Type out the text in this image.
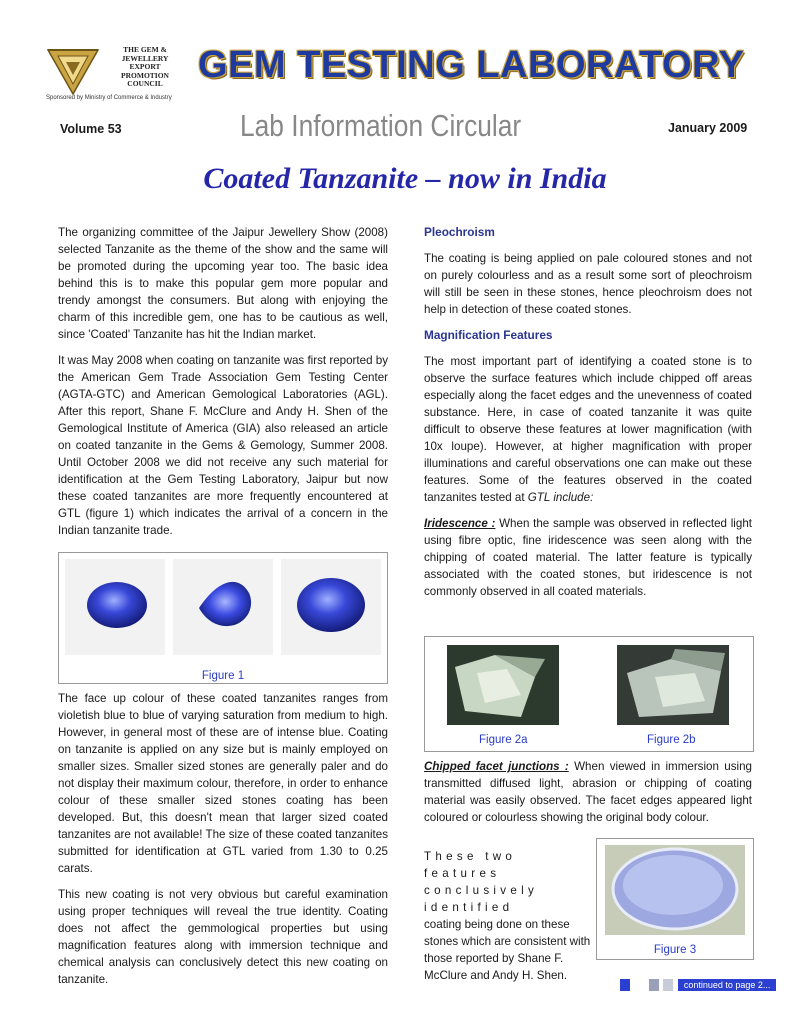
THE GEM &
JEWELLERY
EXPORT
PROMOTION
COUNCIL
Sponsored by Ministry of Commerce & Industry
GEM TESTING LABORATORY
Volume 53	Lab Information Circular	January 2009
Coated Tanzanite – now in India

The organizing committee of the Jaipur Jewellery Show (2008) selected Tanzanite as the theme of the show and the same will be promoted during the upcoming year too. The basic idea behind this is to make this popular gem more popular and trendy amongst the consumers. But along with enjoying the charm of this incredible gem, one has to be cautious as well, since 'Coated' Tanzanite has hit the Indian market.

It was May 2008 when coating on tanzanite was first reported by the American Gem Trade Association Gem Testing Center (AGTA-GTC) and American Gemological Laboratories (AGL). After this report, Shane F. McClure and Andy H. Shen of the Gemological Institute of America (GIA) also released an article on coated tanzanite in the Gems & Gemology, Summer 2008. Until October 2008 we did not receive any such material for identification at the Gem Testing Laboratory, Jaipur but now these coated tanzanites are more frequently encountered at GTL (figure 1) which indicates the arrival of a concern in the Indian tanzanite trade.

Figure 1

The face up colour of these coated tanzanites ranges from violetish blue to blue of varying saturation from medium to high. However, in general most of these are of intense blue. Coating on tanzanite is applied on any size but is mainly employed on smaller sizes. Smaller sized stones are generally paler and do not display their maximum colour, therefore, in order to enhance colour of these smaller sized stones coating has been developed. But, this doesn't mean that larger sized coated tanzanites are not available! The size of these coated tanzanites submitted for identification at GTL varied from 1.30 to 0.25 carats.

This new coating is not very obvious but careful examination using proper techniques will reveal the true identity. Coating does not affect the gemmological properties but using magnification features along with immersion technique and chemical analysis can conclusively detect this new coating on tanzanite.

Pleochroism

The coating is being applied on pale coloured stones and not on purely colourless and as a result some sort of pleochroism will still be seen in these stones, hence pleochroism does not help in detection of these coated stones.

Magnification Features

The most important part of identifying a coated stone is to observe the surface features which include chipped off areas especially along the facet edges and the unevenness of coated substance. Here, in case of coated tanzanite it was quite difficult to observe these features at lower magnification (with 10x loupe). However, at higher magnification with proper illuminations and careful observations one can make out these features. Some of the features observed in the coated tanzanites tested at GTL include:

Iridescence : When the sample was observed in reflected light using fibre optic, fine iridescence was seen along with the chipping of coated material. The latter feature is typically associated with the coated stones, but iridescence is not commonly observed in all coated materials.

Figure 2a	Figure 2b

Chipped facet junctions : When viewed in immersion using transmitted diffused light, abrasion or chipping of coating material was easily observed. The facet edges appeared light coloured or colourless showing the original body colour.

These two features conclusively identified
coating being done on these stones which are consistent with those reported by Shane F. McClure and Andy H. Shen.
Figure 3
continued to page 2...
